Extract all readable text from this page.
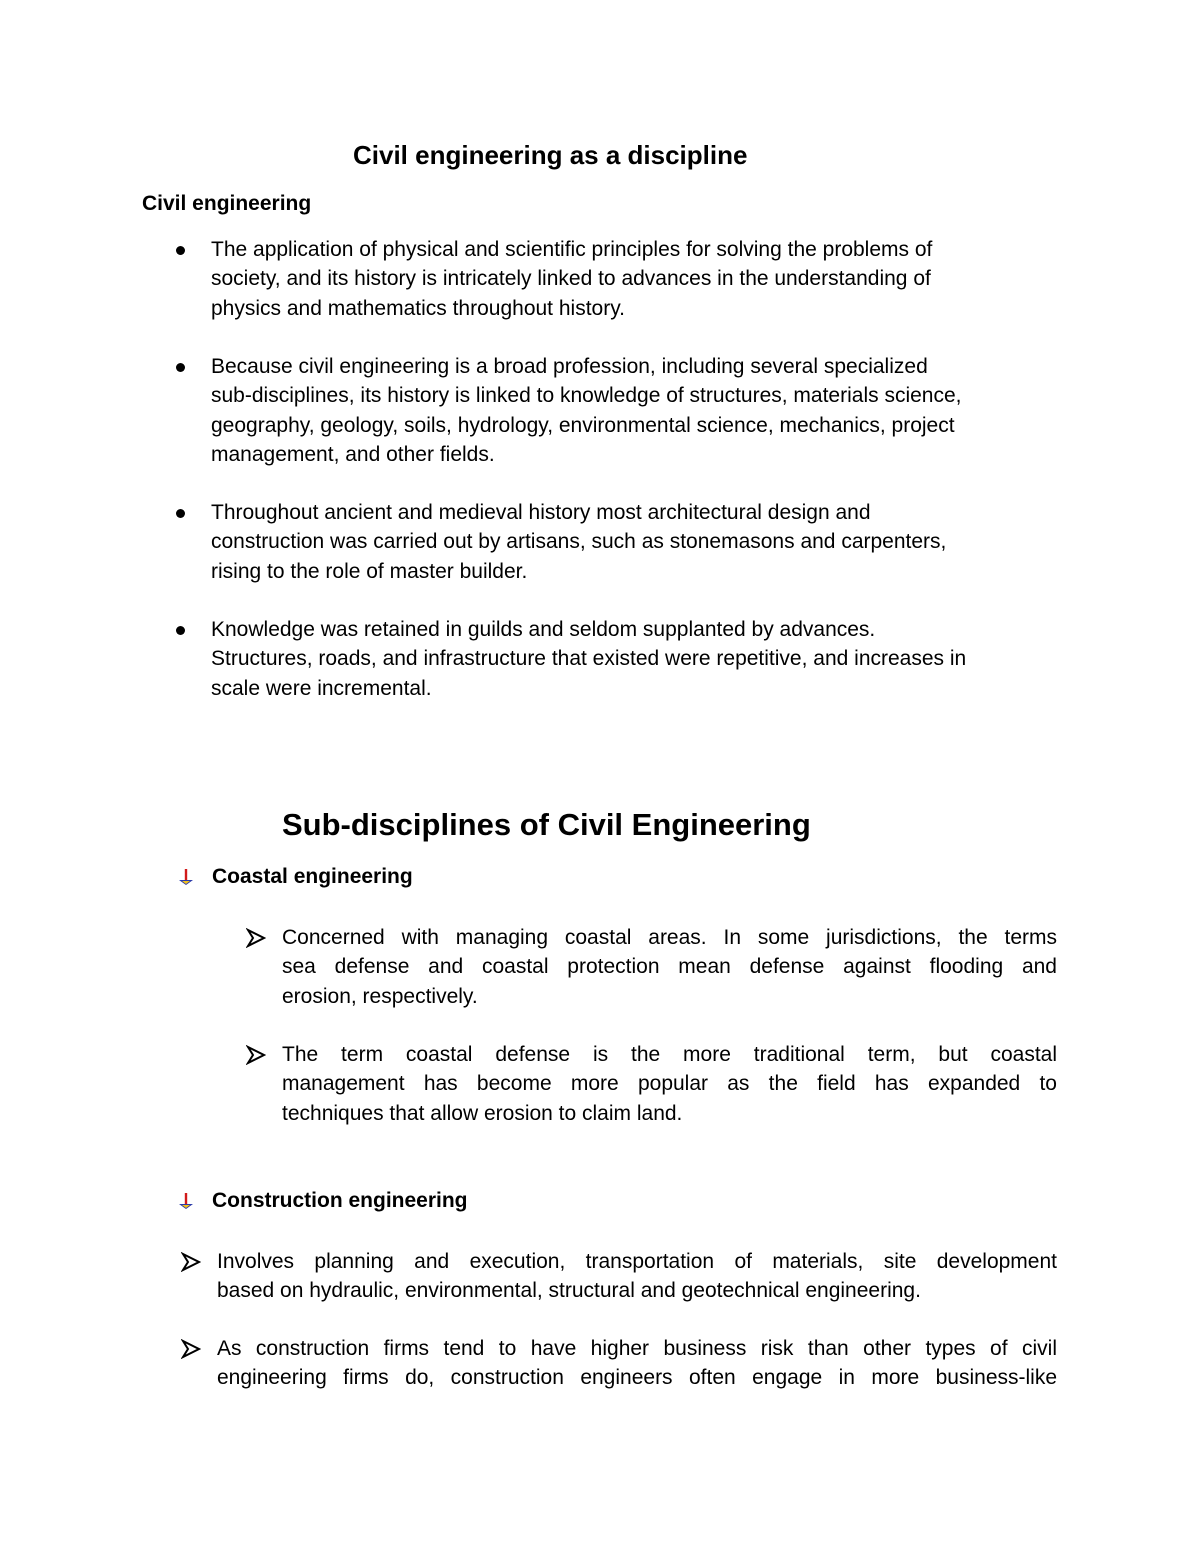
Civil engineering as a discipline
Civil engineering
The application of physical and scientific principles for solving the problems of
society, and its history is intricately linked to advances in the understanding of
physics and mathematics throughout history.
Because civil engineering is a broad profession, including several specialized
sub-disciplines, its history is linked to knowledge of structures, materials science,
geography, geology, soils, hydrology, environmental science, mechanics, project
management, and other fields.
Throughout ancient and medieval history most architectural design and
construction was carried out by artisans, such as stonemasons and carpenters,
rising to the role of master builder.
Knowledge was retained in guilds and seldom supplanted by advances.
Structures, roads, and infrastructure that existed were repetitive, and increases in
scale were incremental.
Sub-disciplines of Civil Engineering
Coastal engineering
Concerned with managing coastal areas. In some jurisdictions, the terms
sea defense and coastal protection mean defense against flooding and
erosion, respectively.
The term coastal defense is the more traditional term, but coastal
management has become more popular as the field has expanded to
techniques that allow erosion to claim land.
Construction engineering
Involves planning and execution, transportation of materials, site development
based on hydraulic, environmental, structural and geotechnical engineering.
As construction firms tend to have higher business risk than other types of civil
engineering firms do, construction engineers often engage in more business-like
